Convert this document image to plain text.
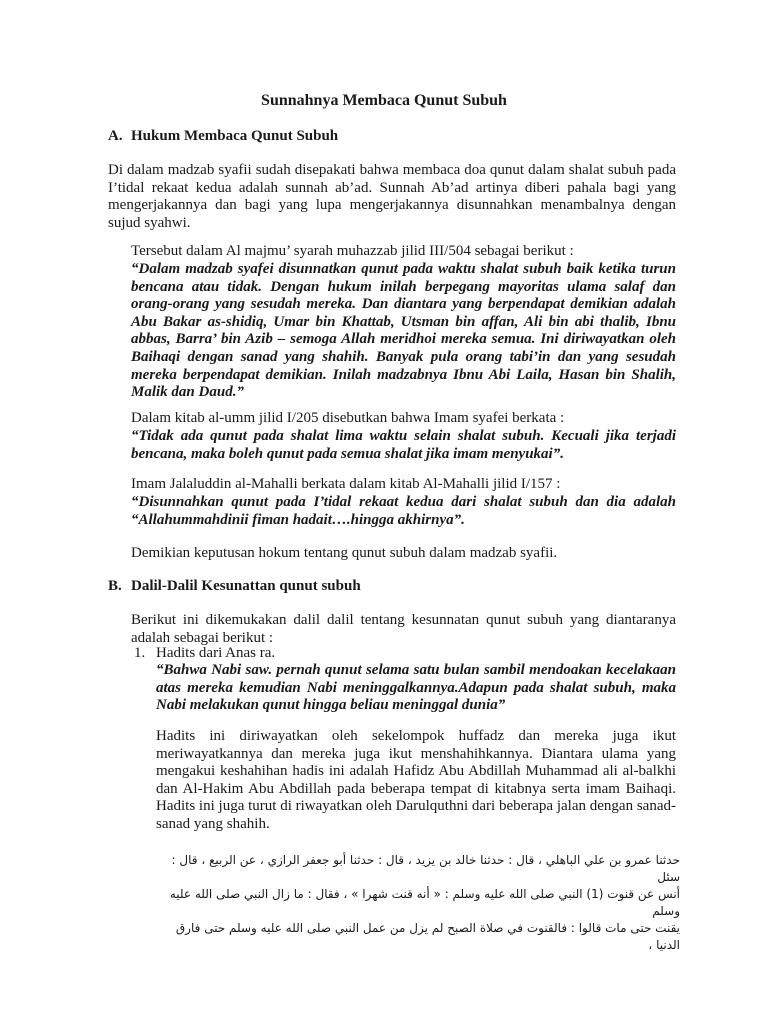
Sunnahnya Membaca Qunut Subuh
A. Hukum Membaca Qunut Subuh
Di dalam madzab syafii sudah disepakati bahwa membaca doa qunut dalam shalat subuh pada I’tidal rekaat kedua adalah sunnah ab’ad. Sunnah Ab’ad artinya diberi pahala bagi yang mengerjakannya dan bagi yang lupa mengerjakannya disunnahkan menambalnya dengan sujud syahwi.
Tersebut dalam Al majmu’ syarah muhazzab jilid III/504 sebagai berikut :
“Dalam madzab syafei disunnatkan qunut pada waktu shalat subuh baik ketika turun bencana atau tidak. Dengan hukum inilah berpegang mayoritas ulama salaf dan orang-orang yang sesudah mereka. Dan diantara yang berpendapat demikian adalah Abu Bakar as-shidiq, Umar bin Khattab, Utsman bin affan, Ali bin abi thalib, Ibnu abbas, Barra’ bin Azib – semoga Allah meridhoi mereka semua. Ini diriwayatkan oleh Baihaqi dengan sanad yang shahih. Banyak pula orang tabi’in dan yang sesudah mereka berpendapat demikian. Inilah madzabnya Ibnu Abi Laila, Hasan bin Shalih, Malik dan Daud.”
Dalam kitab al-umm jilid I/205 disebutkan bahwa Imam syafei berkata :
“Tidak ada qunut pada shalat lima waktu selain shalat subuh. Kecuali jika terjadi bencana, maka boleh qunut pada semua shalat jika imam menyukai”.
Imam Jalaluddin al-Mahalli berkata dalam kitab Al-Mahalli jilid I/157 :
“Disunnahkan qunut pada I’tidal rekaat kedua dari shalat subuh dan dia adalah “Allahummahdinii fiman hadait….hingga akhirnya”.
Demikian keputusan hokum tentang qunut subuh dalam madzab syafii.
B. Dalil-Dalil Kesunattan qunut subuh
Berikut ini dikemukakan dalil dalil tentang kesunnatan qunut subuh yang diantaranya adalah sebagai berikut :
1. Hadits dari Anas ra.
“Bahwa Nabi saw. pernah qunut selama satu bulan sambil mendoakan kecelakaan atas mereka kemudian Nabi meninggalkannya.Adapun pada shalat subuh, maka Nabi melakukan qunut hingga beliau meninggal dunia”
Hadits ini diriwayatkan oleh sekelompok huffadz dan mereka juga ikut meriwayatkannya dan mereka juga ikut menshahihkannya. Diantara ulama yang mengakui keshahihan hadis ini adalah Hafidz Abu Abdillah Muhammad ali al-balkhi dan Al-Hakim Abu Abdillah pada beberapa tempat di kitabnya serta imam Baihaqi. Hadits ini juga turut di riwayatkan oleh Darulquthni dari beberapa jalan dengan sanad-sanad yang shahih.
حدثنا عمرو بن علي الباهلي ، قال : حدثنا خالد بن يزيد ، قال : حدثنا أبو جعفر الرازي ، عن الربيع ، قال : سئل
أنس عن قنوت (1) النبي صلى الله عليه وسلم : « أنه قنت شهرا » ، فقال : ما زال النبي صلى الله عليه وسلم
يقنت حتى مات قالوا : فالقنوت في صلاة الصبح لم يزل من عمل النبي صلى الله عليه وسلم حتى فارق الدنيا ،
